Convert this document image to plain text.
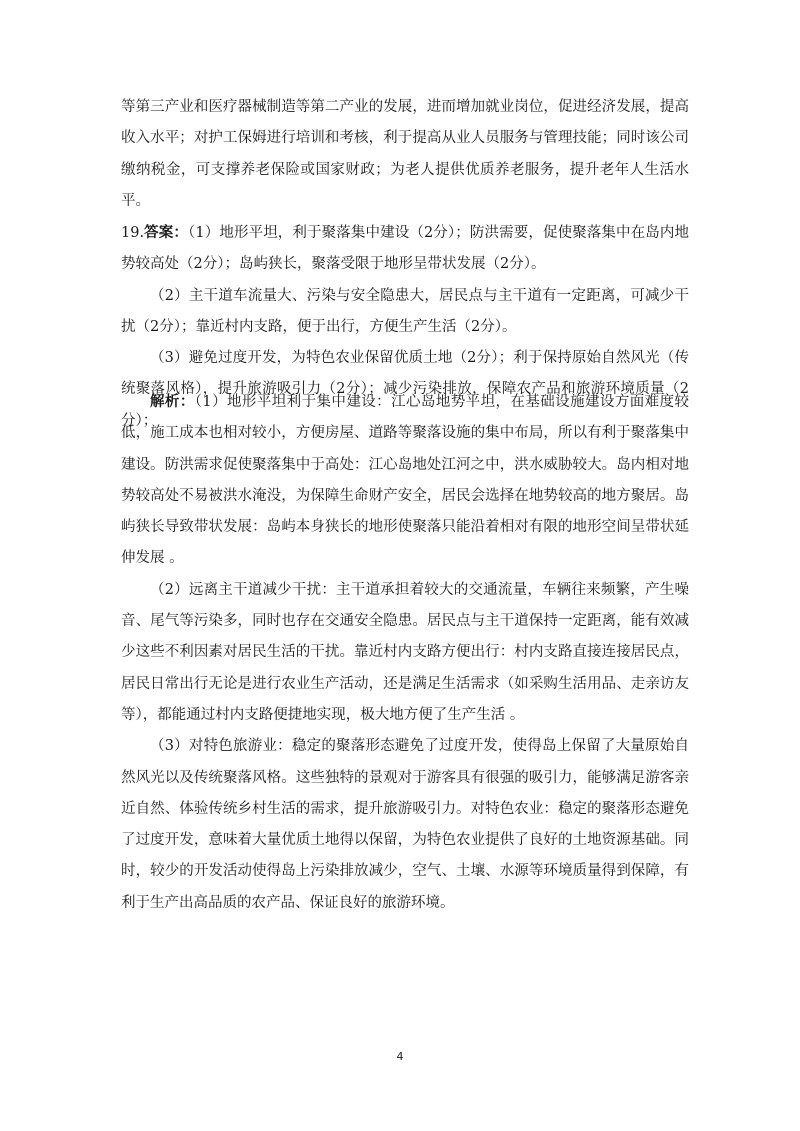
等第三产业和医疗器械制造等第二产业的发展，进而增加就业岗位，促进经济发展，提高收入水平；对护工保姆进行培训和考核，利于提高从业人员服务与管理技能；同时该公司缴纳税金，可支撑养老保险或国家财政；为老人提供优质养老服务，提升老年人生活水平。

19.答案：（1）地形平坦，利于聚落集中建设（2分）；防洪需要，促使聚落集中在岛内地势较高处（2分）；岛屿狭长，聚落受限于地形呈带状发展（2分）。

（2）主干道车流量大、污染与安全隐患大，居民点与主干道有一定距离，可减少干扰（2分）；靠近村内支路，便于出行，方便生产生活（2分）。

（3）避免过度开发，为特色农业保留优质土地（2分）；利于保持原始自然风光（传统聚落风格），提升旅游吸引力（2分）；减少污染排放，保障农产品和旅游环境质量（2分）；

解析：（1）地形平坦利于集中建设：江心岛地势平坦，在基础设施建设方面难度较低，施工成本也相对较小，方便房屋、道路等聚落设施的集中布局，所以有利于聚落集中建设。防洪需求促使聚落集中于高处：江心岛地处江河之中，洪水威胁较大。岛内相对地势较高处不易被洪水淹没，为保障生命财产安全，居民会选择在地势较高的地方聚居。岛屿狭长导致带状发展：岛屿本身狭长的地形使聚落只能沿着相对有限的地形空间呈带状延伸发展 。

（2）远离主干道减少干扰：主干道承担着较大的交通流量，车辆往来频繁，产生噪音、尾气等污染多，同时也存在交通安全隐患。居民点与主干道保持一定距离，能有效减少这些不利因素对居民生活的干扰。靠近村内支路方便出行：村内支路直接连接居民点，居民日常出行无论是进行农业生产活动，还是满足生活需求（如采购生活用品、走亲访友等），都能通过村内支路便捷地实现，极大地方便了生产生活 。

（3）对特色旅游业：稳定的聚落形态避免了过度开发，使得岛上保留了大量原始自然风光以及传统聚落风格。这些独特的景观对于游客具有很强的吸引力，能够满足游客亲近自然、体验传统乡村生活的需求，提升旅游吸引力。对特色农业：稳定的聚落形态避免了过度开发，意味着大量优质土地得以保留，为特色农业提供了良好的土地资源基础。同时，较少的开发活动使得岛上污染排放减少，空气、土壤、水源等环境质量得到保障，有利于生产出高品质的农产品、保证良好的旅游环境。

4
